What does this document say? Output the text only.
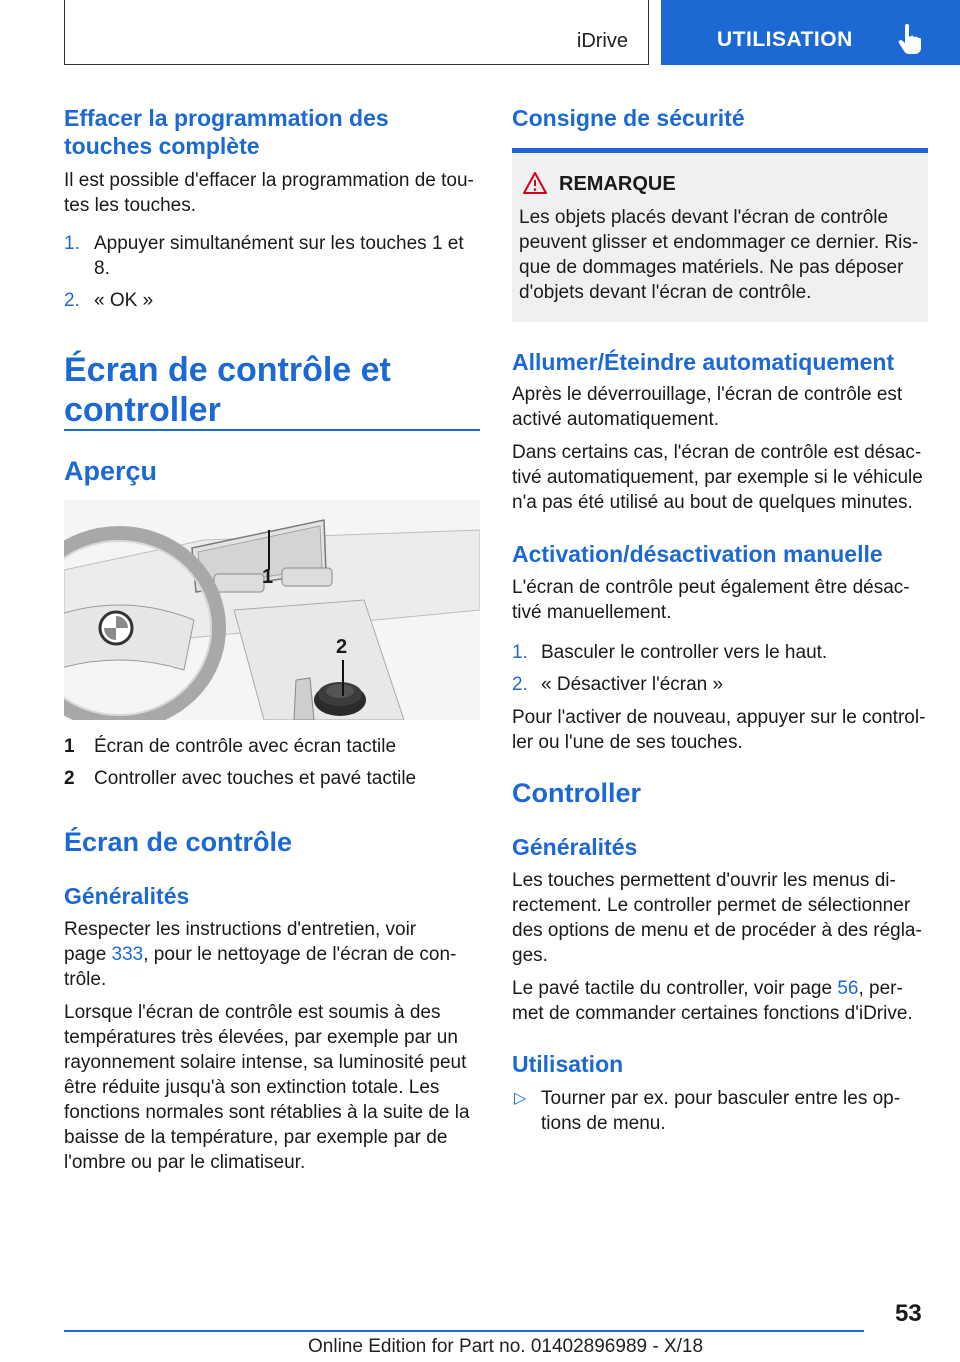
iDrive	UTILISATION
Effacer la programmation des
touches complète
Il est possible d'effacer la programmation de tou-
tes les touches.
1. Appuyer simultanément sur les touches 1 et
8.
2. « OK »
Écran de contrôle et
controller
Aperçu
1
2
1 Écran de contrôle avec écran tactile
2 Controller avec touches et pavé tactile
Écran de contrôle
Généralités
Respecter les instructions d'entretien, voir
page 333, pour le nettoyage de l'écran de con-
trôle.
Lorsque l'écran de contrôle est soumis à des
températures très élevées, par exemple par un
rayonnement solaire intense, sa luminosité peut
être réduite jusqu'à son extinction totale. Les
fonctions normales sont rétablies à la suite de la
baisse de la température, par exemple par de
l'ombre ou par le climatiseur.
Consigne de sécurité
REMARQUE
Les objets placés devant l'écran de contrôle
peuvent glisser et endommager ce dernier. Ris-
que de dommages matériels. Ne pas déposer
d'objets devant l'écran de contrôle.
Allumer/Éteindre automatiquement
Après le déverrouillage, l'écran de contrôle est
activé automatiquement.
Dans certains cas, l'écran de contrôle est désac-
tivé automatiquement, par exemple si le véhicule
n'a pas été utilisé au bout de quelques minutes.
Activation/désactivation manuelle
L'écran de contrôle peut également être désac-
tivé manuellement.
1. Basculer le controller vers le haut.
2. « Désactiver l'écran »
Pour l'activer de nouveau, appuyer sur le control-
ler ou l'une de ses touches.
Controller
Généralités
Les touches permettent d'ouvrir les menus di-
rectement. Le controller permet de sélectionner
des options de menu et de procéder à des régla-
ges.
Le pavé tactile du controller, voir page 56, per-
met de commander certaines fonctions d'iDrive.
Utilisation
▷ Tourner par ex. pour basculer entre les op-
tions de menu.
53
Online Edition for Part no. 01402896989 - X/18
